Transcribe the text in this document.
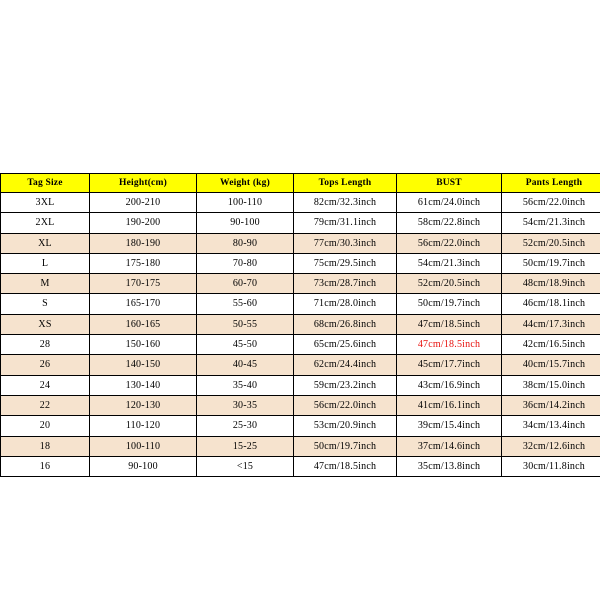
Tag Size	Height(cm)	Weight (kg)	Tops Length	BUST	Pants Length
3XL	200-210	100-110	82cm/32.3inch	61cm/24.0inch	56cm/22.0inch
2XL	190-200	90-100	79cm/31.1inch	58cm/22.8inch	54cm/21.3inch
XL	180-190	80-90	77cm/30.3inch	56cm/22.0inch	52cm/20.5inch
L	175-180	70-80	75cm/29.5inch	54cm/21.3inch	50cm/19.7inch
M	170-175	60-70	73cm/28.7inch	52cm/20.5inch	48cm/18.9inch
S	165-170	55-60	71cm/28.0inch	50cm/19.7inch	46cm/18.1inch
XS	160-165	50-55	68cm/26.8inch	47cm/18.5inch	44cm/17.3inch
28	150-160	45-50	65cm/25.6inch	47cm/18.5inch	42cm/16.5inch
26	140-150	40-45	62cm/24.4inch	45cm/17.7inch	40cm/15.7inch
24	130-140	35-40	59cm/23.2inch	43cm/16.9inch	38cm/15.0inch
22	120-130	30-35	56cm/22.0inch	41cm/16.1inch	36cm/14.2inch
20	110-120	25-30	53cm/20.9inch	39cm/15.4inch	34cm/13.4inch
18	100-110	15-25	50cm/19.7inch	37cm/14.6inch	32cm/12.6inch
16	90-100	<15	47cm/18.5inch	35cm/13.8inch	30cm/11.8inch
